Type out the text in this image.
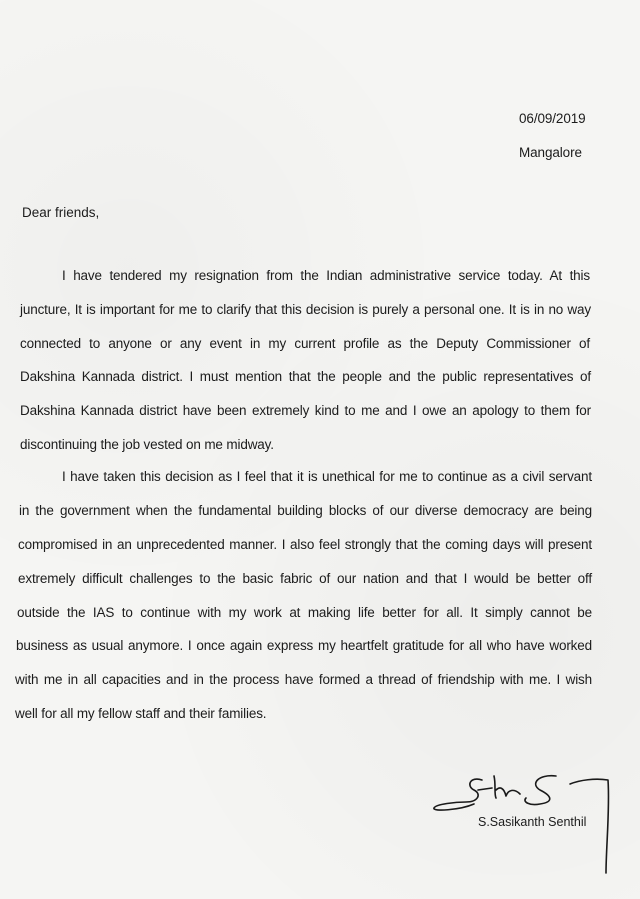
06/09/2019
Mangalore
Dear friends,
I have tendered my resignation from the Indian administrative service today. At this
juncture, It is important for me to clarify that this decision is purely a personal one. It is in no way
connected to anyone or any event in my current profile as the Deputy Commissioner of
Dakshina Kannada district. I must mention that the people and the public representatives of
Dakshina Kannada district have been extremely kind to me and I owe an apology to them for
discontinuing the job vested on me midway.
I have taken this decision as I feel that it is unethical for me to continue as a civil servant
in the government when the fundamental building blocks of our diverse democracy are being
compromised in an unprecedented manner. I also feel strongly that the coming days will present
extremely difficult challenges to the basic fabric of our nation and that I would be better off
outside the IAS to continue with my work at making life better for all. It simply cannot be
business as usual anymore. I once again express my heartfelt gratitude for all who have worked
with me in all capacities and in the process have formed a thread of friendship with me. I wish
well for all my fellow staff and their families.
S.Sasikanth Senthil
